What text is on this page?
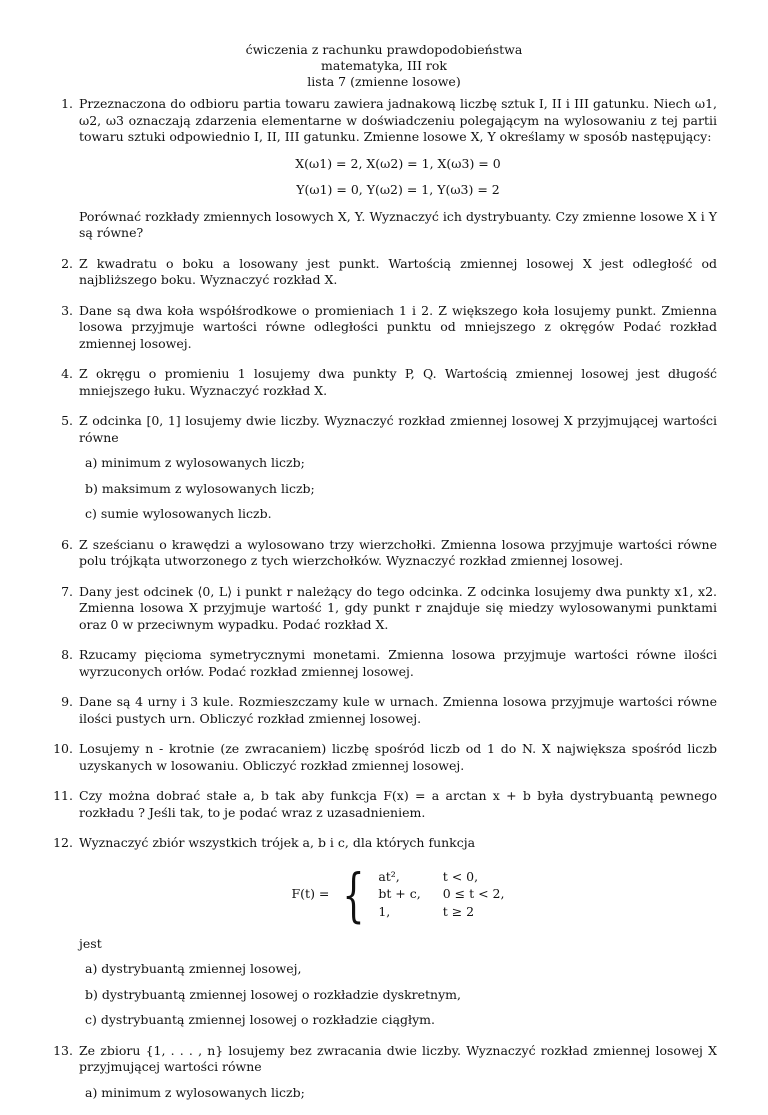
ćwiczenia z rachunku prawdopodobieństwa
matematyka, III rok
lista 7 (zmienne losowe)
1. Przeznaczona do odbioru partia towaru zawiera jadnakową liczbę sztuk I, II i III gatunku. Niech ω1, ω2, ω3 oznaczają zdarzenia elementarne w doświadczeniu polegającym na wylosowaniu z tej partii towaru sztuki odpowiednio I, II, III gatunku. Zmienne losowe X, Y określamy w sposób następujący:
X(ω1) = 2, X(ω2) = 1, X(ω3) = 0
Y(ω1) = 0, Y(ω2) = 1, Y(ω3) = 2
Porównać rozkłady zmiennych losowych X, Y. Wyznaczyć ich dystrybuanty. Czy zmienne losowe X i Y są równe?
2. Z kwadratu o boku a losowany jest punkt. Wartością zmiennej losowej X jest odległość od najbliższego boku. Wyznaczyć rozkład X.
3. Dane są dwa koła współśrodkowe o promieniach 1 i 2. Z większego koła losujemy punkt. Zmienna losowa przyjmuje wartości równe odległości punktu od mniejszego z okręgów Podać rozkład zmiennej losowej.
4. Z okręgu o promieniu 1 losujemy dwa punkty P, Q. Wartością zmiennej losowej jest długość mniejszego łuku. Wyznaczyć rozkład X.
5. Z odcinka [0, 1] losujemy dwie liczby. Wyznaczyć rozkład zmiennej losowej X przyjmującej wartości równe
a) minimum z wylosowanych liczb;
b) maksimum z wylosowanych liczb;
c) sumie wylosowanych liczb.
6. Z sześcianu o krawędzi a wylosowano trzy wierzchołki. Zmienna losowa przyjmuje wartości równe polu trójkąta utworzonego z tych wierzchołków. Wyznaczyć rozkład zmiennej losowej.
7. Dany jest odcinek ⟨0, L⟩ i punkt r należący do tego odcinka. Z odcinka losujemy dwa punkty x1, x2. Zmienna losowa X przyjmuje wartość 1, gdy punkt r znajduje się miedzy wylosowanymi punktami oraz 0 w przeciwnym wypadku. Podać rozkład X.
8. Rzucamy pięcioma symetrycznymi monetami. Zmienna losowa przyjmuje wartości równe ilości wyrzuconych orłów. Podać rozkład zmiennej losowej.
9. Dane są 4 urny i 3 kule. Rozmieszczamy kule w urnach. Zmienna losowa przyjmuje wartości równe ilości pustych urn. Obliczyć rozkład zmiennej losowej.
10. Losujemy n - krotnie (ze zwracaniem) liczbę spośród liczb od 1 do N. X największa spośród liczb uzyskanych w losowaniu. Obliczyć rozkład zmiennej losowej.
11. Czy można dobrać stałe a, b tak aby funkcja F(x) = a arctan x + b była dystrybuantą pewnego rozkładu ? Jeśli tak, to je podać wraz z uzasadnieniem.
12. Wyznaczyć zbiór wszystkich trójek a, b i c, dla których funkcja
F(t) = { at²,	t < 0,
bt + c, 0 ≤ t < 2,
1,	t ≥ 2
jest
a) dystrybuantą zmiennej losowej,
b) dystrybuantą zmiennej losowej o rozkładzie dyskretnym,
c) dystrybuantą zmiennej losowej o rozkładzie ciągłym.
13. Ze zbioru {1, . . . , n} losujemy bez zwracania dwie liczby. Wyznaczyć rozkład zmiennej losowej X przyjmującej wartości równe
a) minimum z wylosowanych liczb;
